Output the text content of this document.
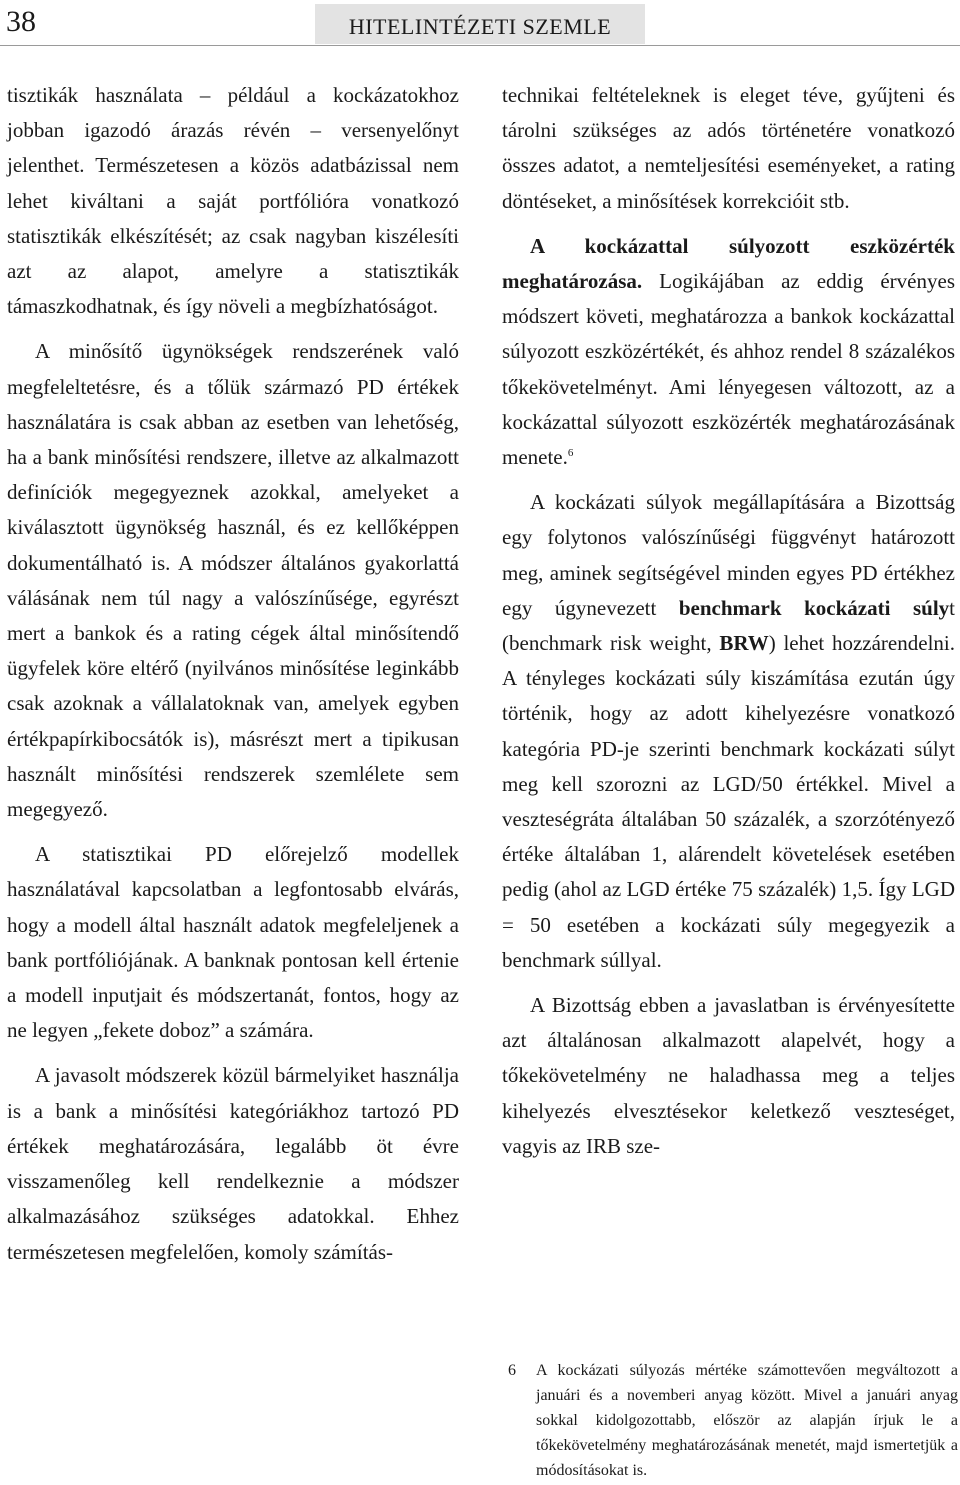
38	HITELINTÉZETI SZEMLE

tisztikák használata – például a kockázatokhoz jobban igazodó árazás révén – versenyelőnyt jelenthet. Természetesen a közös adatbázissal nem lehet kiváltani a saját portfólióra vonatkozó statisztikák elkészítését; az csak nagyban kiszélesíti azt az alapot, amelyre a statisztikák támaszkodhatnak, és így növeli a megbízhatóságot.

A minősítő ügynökségek rendszerének való megfeleltetésre, és a tőlük származó PD értékek használatára is csak abban az esetben van lehetőség, ha a bank minősítési rendszere, illetve az alkalmazott definíciók megegyeznek azokkal, amelyeket a kiválasztott ügynökség használ, és ez kellőképpen dokumentálható is. A módszer általános gyakorlattá válásának nem túl nagy a valószínűsége, egyrészt mert a bankok és a rating cégek által minősítendő ügyfelek köre eltérő (nyilvános minősítése leginkább csak azoknak a vállalatoknak van, amelyek egyben értékpapírkibocsátók is), másrészt mert a tipikusan használt minősítési rendszerek szemlélete sem megegyező.

A statisztikai PD előrejelző modellek használatával kapcsolatban a legfontosabb elvárás, hogy a modell által használt adatok megfeleljenek a bank portfóliójának. A banknak pontosan kell értenie a modell inputjait és módszertanát, fontos, hogy az ne legyen „fekete doboz” a számára.

A javasolt módszerek közül bármelyiket használja is a bank a minősítési kategóriákhoz tartozó PD értékek meghatározására, legalább öt évre visszamenőleg kell rendelkeznie a módszer alkalmazásához szükséges adatokkal. Ehhez természetesen megfelelően, komoly számítás-

technikai feltételeknek is eleget téve, gyűjteni és tárolni szükséges az adós történetére vonatkozó összes adatot, a nemteljesítési eseményeket, a rating döntéseket, a minősítések korrekcióit stb.

A kockázattal súlyozott eszközérték meghatározása. Logikájában az eddig érvényes módszert követi, meghatározza a bankok kockázattal súlyozott eszközértékét, és ahhoz rendel 8 százalékos tőkekövetelményt. Ami lényegesen változott, az a kockázattal súlyozott eszközérték meghatározásának menete.$^6$

A kockázati súlyok megállapítására a Bizottság egy folytonos valószínűségi függvényt határozott meg, aminek segítségével minden egyes PD értékhez egy úgynevezett benchmark kockázati súlyt (benchmark risk weight, BRW) lehet hozzárendelni. A tényleges kockázati súly kiszámítása ezután úgy történik, hogy az adott kihelyezésre vonatkozó kategória PD-je szerinti benchmark kockázati súlyt meg kell szorozni az LGD/50 értékkel. Mivel a veszteségráta általában 50 százalék, a szorzótényező értéke általában 1, alárendelt követelések esetében pedig (ahol az LGD értéke 75 százalék) 1,5. Így LGD = 50 esetében a kockázati súly megegyezik a benchmark súllyal.

A Bizottság ebben a javaslatban is érvényesítette azt általánosan alkalmazott alapelvét, hogy a tőkekövetelmény ne haladhassa meg a teljes kihelyezés elvesztésekor keletkező veszteséget, vagyis az IRB sze-

6	A kockázati súlyozás mértéke számottevően megváltozott a januári és a novemberi anyag között. Mivel a januári anyag sokkal kidolgozottabb, először az alapján írjuk le a tőkekövetelmény meghatározásának menetét, majd ismertetjük a módosításokat is.
